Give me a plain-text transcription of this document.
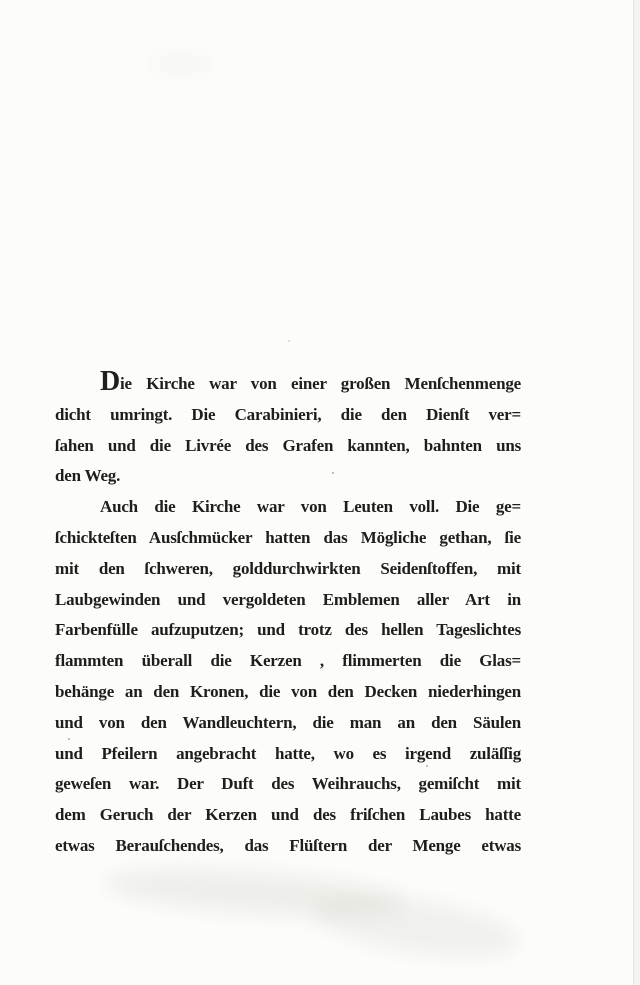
Die Kirche war von einer großen Menſchenmenge
dicht umringt. Die Carabinieri, die den Dienſt ver=
ſahen und die Livrée des Grafen kannten, bahnten uns
den Weg.
Auch die Kirche war von Leuten voll. Die ge=
ſchickteſten Ausſchmücker hatten das Mögliche gethan, ſie
mit den ſchweren, golddurchwirkten Seidenſtoffen, mit
Laubgewinden und vergoldeten Emblemen aller Art in
Farbenfülle aufzuputzen; und trotz des hellen Tageslichtes
flammten überall die Kerzen , flimmerten die Glas=
behänge an den Kronen, die von den Decken niederhingen
und von den Wandleuchtern, die man an den Säulen
und Pfeilern angebracht hatte, wo es irgend zuläſſig
geweſen war. Der Duft des Weihrauchs, gemiſcht mit
dem Geruch der Kerzen und des friſchen Laubes hatte
etwas Berauſchendes, das Flüſtern der Menge etwas
